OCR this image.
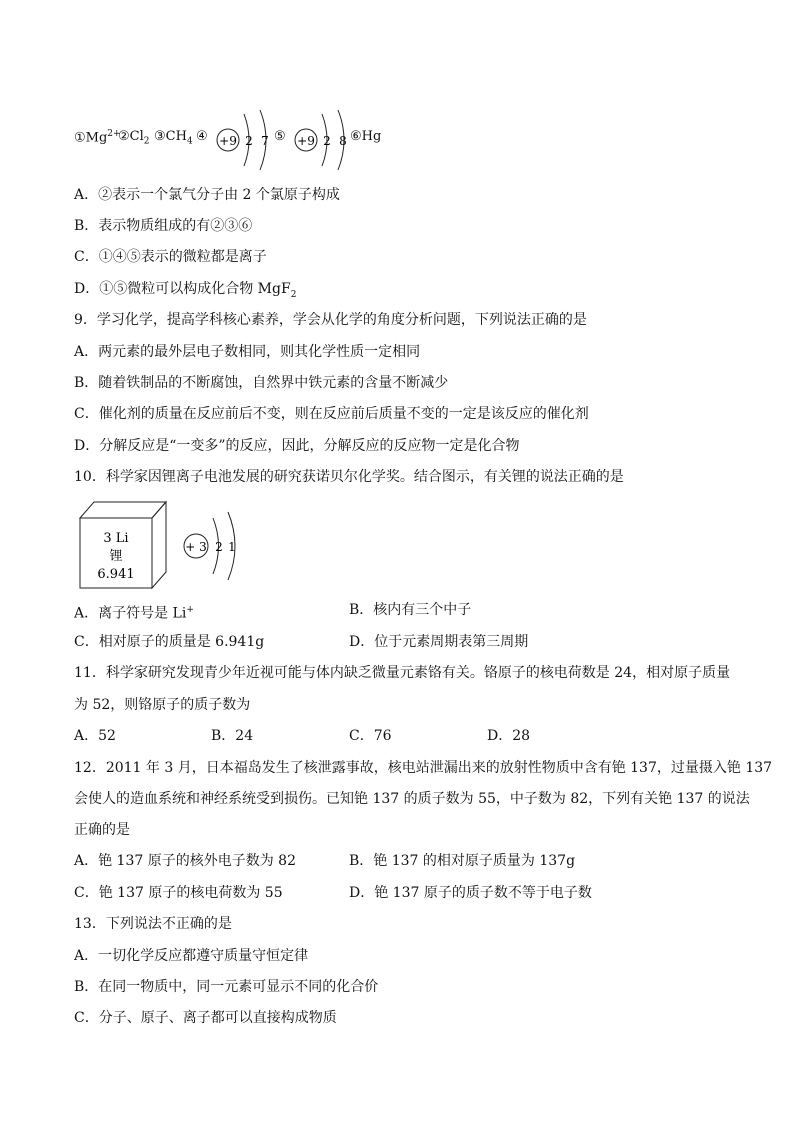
$①Mg^{2+}$
$②Cl_2$ $③CH_4$ ④ +9 2 7 ⑤ +9 2 8 ⑥Hg
A．②表示一个氯气分子由 2 个氯原子构成
B．表示物质组成的有②③⑥
C．①④⑤表示的微粒都是离子
D．①⑤微粒可以构成化合物 MgF$_2$
9．学习化学，提高学科核心素养，学会从化学的角度分析问题，下列说法正确的是
A．两元素的最外层电子数相同，则其化学性质一定相同
B．随着铁制品的不断腐蚀，自然界中铁元素的含量不断减少
C．催化剂的质量在反应前后不变，则在反应前后质量不变的一定是该反应的催化剂
D．分解反应是“一变多”的反应，因此，分解反应的反应物一定是化合物
10．科学家因锂离子电池发展的研究获诺贝尔化学奖。结合图示，有关锂的说法正确的是
3 Li
锂
6.941
+ 3 2 1
A．离子符号是 Li+	B．核内有三个中子
C．相对原子的质量是 6.941g	D．位于元素周期表第三周期
11．科学家研究发现青少年近视可能与体内缺乏微量元素铬有关。铬原子的核电荷数是 24，相对原子质量
为 52，则铬原子的质子数为
A．52	B．24	C．76	D．28
12．2011 年 3 月，日本福岛发生了核泄露事故，核电站泄漏出来的放射性物质中含有铯 137，过量摄入铯 137
会使人的造血系统和神经系统受到损伤。已知铯 137 的质子数为 55，中子数为 82，下列有关铯 137 的说法
正确的是
A．铯 137 原子的核外电子数为 82	B．铯 137 的相对原子质量为 137g
C．铯 137 原子的核电荷数为 55	D．铯 137 原子的质子数不等于电子数
13．下列说法不正确的是
A．一切化学反应都遵守质量守恒定律
B．在同一物质中，同一元素可显示不同的化合价
C．分子、原子、离子都可以直接构成物质
